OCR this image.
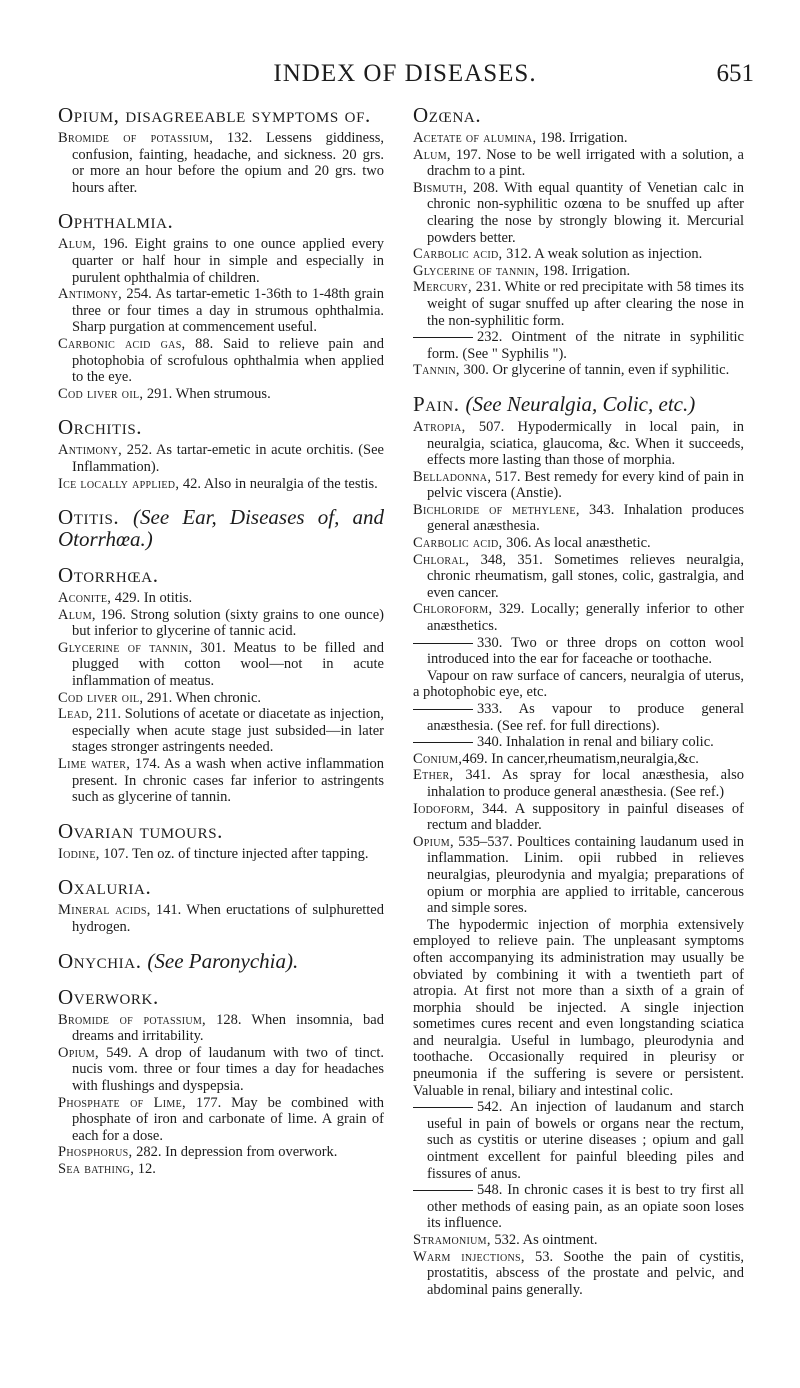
INDEX OF DISEASES.	651
Opium, disagreeable symptoms of.

Bromide of potassium, 132. Lessens giddiness, confusion, fainting, headache, and sickness. 20 grs. or more an hour before the opium and 20 grs. two hours after.

Ophthalmia.

Alum, 196. Eight grains to one ounce applied every quarter or half hour in simple and especially in purulent ophthalmia of children.

Antimony, 254. As tartar-emetic 1-36th to 1-48th grain three or four times a day in strumous ophthalmia. Sharp purgation at commencement useful.

Carbonic acid gas, 88. Said to relieve pain and photophobia of scrofulous ophthalmia when applied to the eye.

Cod liver oil, 291. When strumous.

Orchitis.

Antimony, 252. As tartar-emetic in acute orchitis. (See Inflammation).

Ice locally applied, 42. Also in neuralgia of the testis.

Otitis. (See Ear, Diseases of, and Otorrhœa.)
Otorrhœa.

Aconite, 429. In otitis.

Alum, 196. Strong solution (sixty grains to one ounce) but inferior to glycerine of tannic acid.

Glycerine of tannin, 301. Meatus to be filled and plugged with cotton wool—not in acute inflammation of meatus.

Cod liver oil, 291. When chronic.

Lead, 211. Solutions of acetate or diacetate as injection, especially when acute stage just subsided—in later stages stronger astringents needed.

Lime water, 174. As a wash when active inflammation present. In chronic cases far inferior to astringents such as glycerine of tannin.

Ovarian tumours.

Iodine, 107. Ten oz. of tincture injected after tapping.

Oxaluria.

Mineral acids, 141. When eructations of sulphuretted hydrogen.

Onychia. (See Paronychia).
Overwork.

Bromide of potassium, 128. When insomnia, bad dreams and irritability.

Opium, 549. A drop of laudanum with two of tinct. nucis vom. three or four times a day for headaches with flushings and dyspepsia.

Phosphate of Lime, 177. May be combined with phosphate of iron and carbonate of lime. A grain of each for a dose.

Phosphorus, 282. In depression from overwork.

Sea bathing, 12.

Ozœna.

Acetate of alumina, 198. Irrigation.

Alum, 197. Nose to be well irrigated with a solution, a drachm to a pint.

Bismuth, 208. With equal quantity of Venetian calc in chronic non-syphilitic ozœna to be snuffed up after clearing the nose by strongly blowing it. Mercurial powders better.

Carbolic acid, 312. A weak solution as injection.

Glycerine of tannin, 198. Irrigation.

Mercury, 231. White or red precipitate with 58 times its weight of sugar snuffed up after clearing the nose in the non-syphilitic form.

232. Ointment of the nitrate in syphilitic form. (See " Syphilis ").

Tannin, 300. Or glycerine of tannin, even if syphilitic.

Pain. (See Neuralgia, Colic, etc.)

Atropia, 507. Hypodermically in local pain, in neuralgia, sciatica, glaucoma, &c. When it succeeds, effects more lasting than those of morphia.

Belladonna, 517. Best remedy for every kind of pain in pelvic viscera (Anstie).

Bichloride of methylene, 343. Inhalation produces general anæsthesia.

Carbolic acid, 306. As local anæsthetic.

Chloral, 348, 351. Sometimes relieves neuralgia, chronic rheumatism, gall stones, colic, gastralgia, and even cancer.

Chloroform, 329. Locally; generally inferior to other anæsthetics.

330. Two or three drops on cotton wool introduced into the ear for faceache or toothache.

Vapour on raw surface of cancers, neuralgia of uterus, a photophobic eye, etc.

333. As vapour to produce general anæsthesia. (See ref. for full directions).

340. Inhalation in renal and biliary colic.

Conium,469. In cancer,rheumatism,neuralgia,&c.

Ether, 341. As spray for local anæsthesia, also inhalation to produce general anæsthesia. (See ref.)

Iodoform, 344. A suppository in painful diseases of rectum and bladder.

Opium, 535–537. Poultices containing laudanum used in inflammation. Linim. opii rubbed in relieves neuralgias, pleurodynia and myalgia; preparations of opium or morphia are applied to irritable, cancerous and simple sores.

The hypodermic injection of morphia extensively employed to relieve pain. The unpleasant symptoms often accompanying its administration may usually be obviated by combining it with a twentieth part of atropia. At first not more than a sixth of a grain of morphia should be injected. A single injection sometimes cures recent and even longstanding sciatica and neuralgia. Useful in lumbago, pleurodynia and toothache. Occasionally required in pleurisy or pneumonia if the suffering is severe or persistent. Valuable in renal, biliary and intestinal colic.

542. An injection of laudanum and starch useful in pain of bowels or organs near the rectum, such as cystitis or uterine diseases ; opium and gall ointment excellent for painful bleeding piles and fissures of anus.

548. In chronic cases it is best to try first all other methods of easing pain, as an opiate soon loses its influence.

Stramonium, 532. As ointment.

Warm injections, 53. Soothe the pain of cystitis, prostatitis, abscess of the prostate and pelvic, and abdominal pains generally.
